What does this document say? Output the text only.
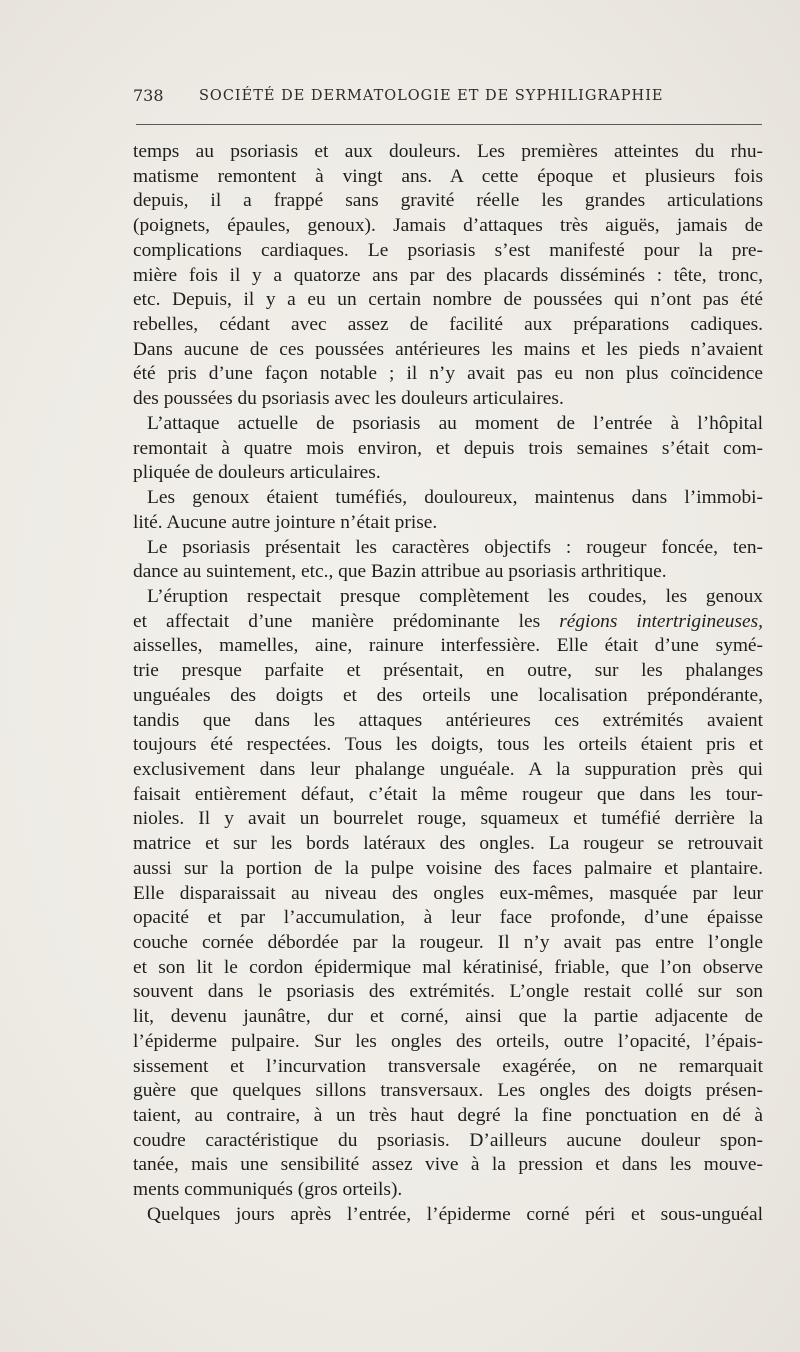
738 SOCIÉTÉ DE DERMATOLOGIE ET DE SYPHILIGRAPHIE
temps au psoriasis et aux douleurs. Les premières atteintes du rhu-
matisme remontent à vingt ans. A cette époque et plusieurs fois
depuis, il a frappé sans gravité réelle les grandes articulations
(poignets, épaules, genoux). Jamais d’attaques très aiguës, jamais de
complications cardiaques. Le psoriasis s’est manifesté pour la pre-
mière fois il y a quatorze ans par des placards disséminés : tête, tronc,
etc. Depuis, il y a eu un certain nombre de poussées qui n’ont pas été
rebelles, cédant avec assez de facilité aux préparations cadiques.
Dans aucune de ces poussées antérieures les mains et les pieds n’avaient
été pris d’une façon notable ; il n’y avait pas eu non plus coïncidence
des poussées du psoriasis avec les douleurs articulaires.
L’attaque actuelle de psoriasis au moment de l’entrée à l’hôpital
remontait à quatre mois environ, et depuis trois semaines s’était com-
pliquée de douleurs articulaires.
Les genoux étaient tuméfiés, douloureux, maintenus dans l’immobi-
lité. Aucune autre jointure n’était prise.
Le psoriasis présentait les caractères objectifs : rougeur foncée, ten-
dance au suintement, etc., que Bazin attribue au psoriasis arthritique.
L’éruption respectait presque complètement les coudes, les genoux
et affectait d’une manière prédominante les régions intertrigineuses,
aisselles, mamelles, aine, rainure interfessière. Elle était d’une symé-
trie presque parfaite et présentait, en outre, sur les phalanges
unguéales des doigts et des orteils une localisation prépondérante,
tandis que dans les attaques antérieures ces extrémités avaient
toujours été respectées. Tous les doigts, tous les orteils étaient pris et
exclusivement dans leur phalange unguéale. A la suppuration près qui
faisait entièrement défaut, c’était la même rougeur que dans les tour-
nioles. Il y avait un bourrelet rouge, squameux et tuméfié derrière la
matrice et sur les bords latéraux des ongles. La rougeur se retrouvait
aussi sur la portion de la pulpe voisine des faces palmaire et plantaire.
Elle disparaissait au niveau des ongles eux-mêmes, masquée par leur
opacité et par l’accumulation, à leur face profonde, d’une épaisse
couche cornée débordée par la rougeur. Il n’y avait pas entre l’ongle
et son lit le cordon épidermique mal kératinisé, friable, que l’on observe
souvent dans le psoriasis des extrémités. L’ongle restait collé sur son
lit, devenu jaunâtre, dur et corné, ainsi que la partie adjacente de
l’épiderme pulpaire. Sur les ongles des orteils, outre l’opacité, l’épais-
sissement et l’incurvation transversale exagérée, on ne remarquait
guère que quelques sillons transversaux. Les ongles des doigts présen-
taient, au contraire, à un très haut degré la fine ponctuation en dé à
coudre caractéristique du psoriasis. D’ailleurs aucune douleur spon-
tanée, mais une sensibilité assez vive à la pression et dans les mouve-
ments communiqués (gros orteils).
Quelques jours après l’entrée, l’épiderme corné péri et sous-unguéal
